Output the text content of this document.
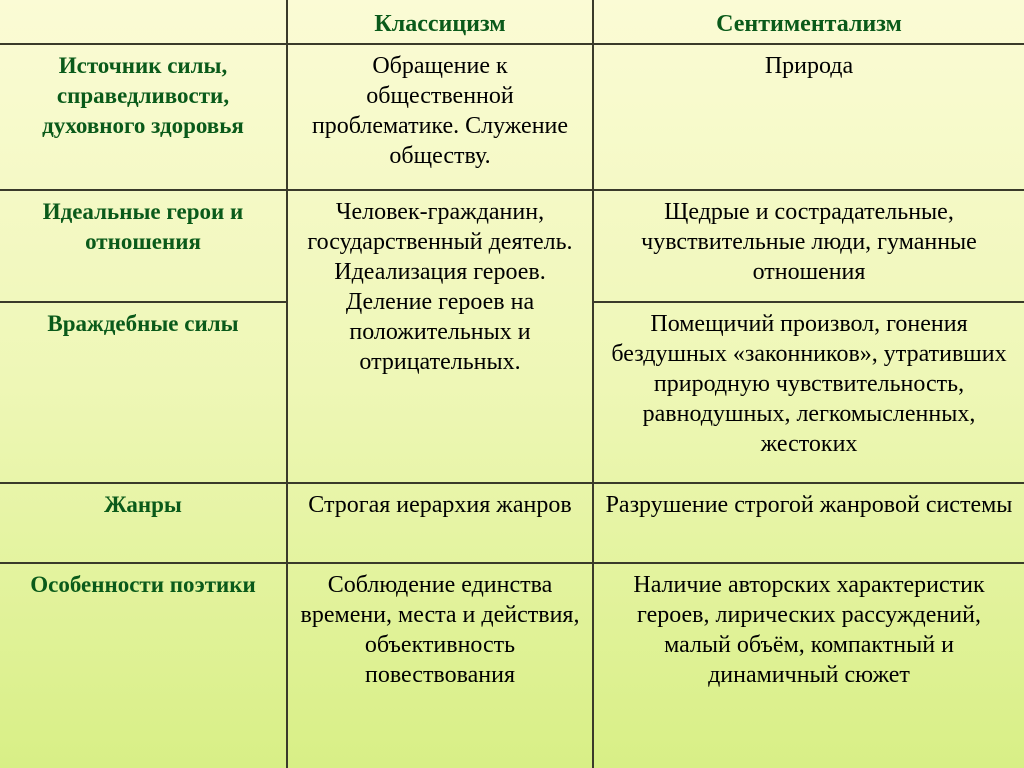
	Классицизм	Сентиментализм
Источник силы, справедливости, духовного здоровья	Обращение к общественной проблематике. Служение обществу.	Природа
Идеальные герои и отношения	Человек-гражданин, государственный деятель. Идеализация героев. Деление героев на положительных и отрицательных.	Щедрые и сострадательные, чувствительные люди, гуманные отношения
Враждебные силы		Помещичий произвол, гонения бездушных «законников», утративших природную чувствительность, равнодушных, легкомысленных, жестоких
Жанры	Строгая иерархия жанров	Разрушение строгой жанровой системы
Особенности поэтики	Соблюдение единства времени, места и действия, объективность повествования	Наличие авторских характеристик героев, лирических рассуждений, малый объём, компактный и динамичный сюжет
